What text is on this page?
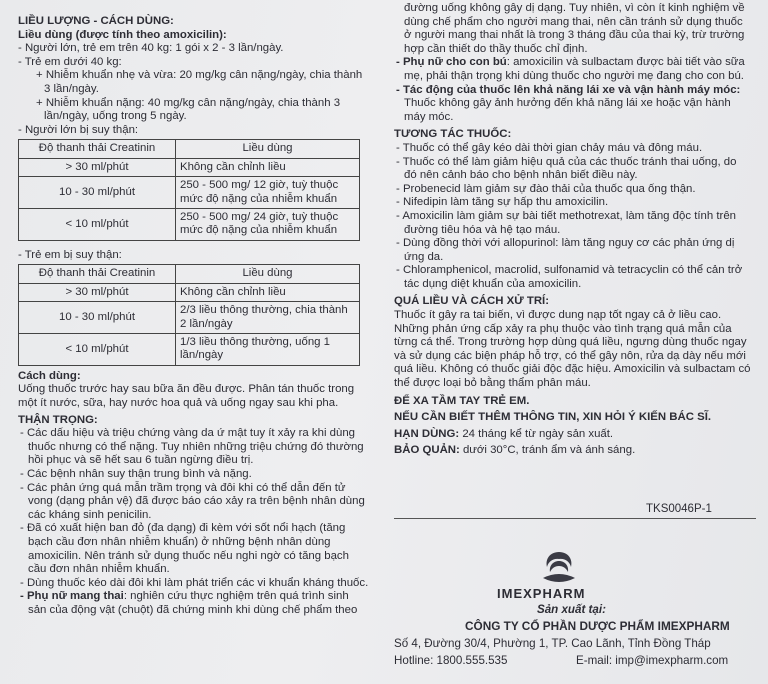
LIỀU LƯỢNG - CÁCH DÙNG:

Liều dùng (được tính theo amoxicilin):

- Người lớn, trẻ em trên 40 kg: 1 gói x 2 - 3 lần/ngày.

- Trẻ em dưới 40 kg:

+ Nhiễm khuẩn nhẹ và vừa: 20 mg/kg cân nặng/ngày, chia thành 3 lần/ngày.

+ Nhiễm khuẩn nặng: 40 mg/kg cân nặng/ngày, chia thành 3 lần/ngày, uống trong 5 ngày.

- Người lớn bị suy thận:

Độ thanh thải Creatinin	Liều dùng
> 30 ml/phút	Không cần chỉnh liều
10 - 30 ml/phút	250 - 500 mg/ 12 giờ, tuỳ thuộc mức độ nặng của nhiễm khuẩn
< 10 ml/phút	250 - 500 mg/ 24 giờ, tuỳ thuộc mức độ nặng của nhiễm khuẩn

- Trẻ em bị suy thận:

Độ thanh thải Creatinin	Liều dùng
> 30 ml/phút	Không cần chỉnh liều
10 - 30 ml/phút	2/3 liều thông thường, chia thành 2 lần/ngày
< 10 ml/phút	1/3 liều thông thường, uống 1 lần/ngày

Cách dùng:

Uống thuốc trước hay sau bữa ăn đều được. Phân tán thuốc trong một ít nước, sữa, hay nước hoa quả và uống ngay sau khi pha.

THẬN TRỌNG:

- Các dấu hiệu và triệu chứng vàng da ứ mật tuy ít xảy ra khi dùng thuốc nhưng có thể nặng. Tuy nhiên những triệu chứng đó thường hồi phục và sẽ hết sau 6 tuần ngừng điều trị.

- Các bệnh nhân suy thận trung bình và nặng.

- Các phản ứng quá mẫn trầm trọng và đôi khi có thể dẫn đến tử vong (dạng phản vệ) đã được báo cáo xảy ra trên bệnh nhân dùng các kháng sinh penicilin.

- Đã có xuất hiện ban đỏ (đa dạng) đi kèm với sốt nổi hạch (tăng bạch cầu đơn nhân nhiễm khuẩn) ở những bệnh nhân dùng amoxicilin. Nên tránh sử dụng thuốc nếu nghi ngờ có tăng bạch cầu đơn nhân nhiễm khuẩn.

- Dùng thuốc kéo dài đôi khi làm phát triển các vi khuẩn kháng thuốc.

- Phụ nữ mang thai: nghiên cứu thực nghiệm trên quá trình sinh sản của động vật (chuột) đã chứng minh khi dùng chế phẩm theo

đường uống không gây dị dạng. Tuy nhiên, vì còn ít kinh nghiệm về dùng chế phẩm cho người mang thai, nên cần tránh sử dụng thuốc ở người mang thai nhất là trong 3 tháng đầu của thai kỳ, trừ trường hợp cần thiết do thầy thuốc chỉ định.

- Phụ nữ cho con bú: amoxicilin và sulbactam được bài tiết vào sữa mẹ, phải thận trọng khi dùng thuốc cho người mẹ đang cho con bú.

- Tác động của thuốc lên khả năng lái xe và vận hành máy móc: Thuốc không gây ảnh hưởng đến khả năng lái xe hoặc vận hành máy móc.

TƯƠNG TÁC THUỐC:

- Thuốc có thể gây kéo dài thời gian chảy máu và đông máu.

- Thuốc có thể làm giảm hiệu quả của các thuốc tránh thai uống, do đó nên cảnh báo cho bệnh nhân biết điều này.

- Probenecid làm giảm sự đào thải của thuốc qua ống thận.

- Nifedipin làm tăng sự hấp thu amoxicilin.

- Amoxicilin làm giảm sự bài tiết methotrexat, làm tăng độc tính trên đường tiêu hóa và hệ tạo máu.

- Dùng đồng thời với allopurinol: làm tăng nguy cơ các phản ứng dị ứng da.

- Chloramphenicol, macrolid, sulfonamid và tetracyclin có thể cản trở tác dụng diệt khuẩn của amoxicilin.

QUÁ LIỀU VÀ CÁCH XỬ TRÍ:

Thuốc ít gây ra tai biến, vì được dung nạp tốt ngay cả ở liều cao. Những phản ứng cấp xảy ra phụ thuộc vào tình trạng quá mẫn của từng cá thể. Trong trường hợp dùng quá liều, ngưng dùng thuốc ngay và sử dụng các biện pháp hỗ trợ, có thể gây nôn, rửa dạ dày nếu mới quá liều. Không có thuốc giải độc đặc hiệu. Amoxicilin và sulbactam có thể được loại bỏ bằng thẩm phân máu.

ĐỂ XA TẦM TAY TRẺ EM.

NẾU CẦN BIẾT THÊM THÔNG TIN, XIN HỎI Ý KIẾN BÁC SĨ.

HẠN DÙNG: 24 tháng kể từ ngày sản xuất.

BẢO QUẢN: dưới 30°C, tránh ẩm và ánh sáng.

TKS0046P-1
IMEXPHARM
Sản xuất tại:
CÔNG TY CỔ PHẦN DƯỢC PHẨM IMEXPHARM
Số 4, Đường 30/4, Phường 1, TP. Cao Lãnh, Tỉnh Đồng Tháp
Hotline: 1800.555.535	E-mail: imp@imexpharm.com
